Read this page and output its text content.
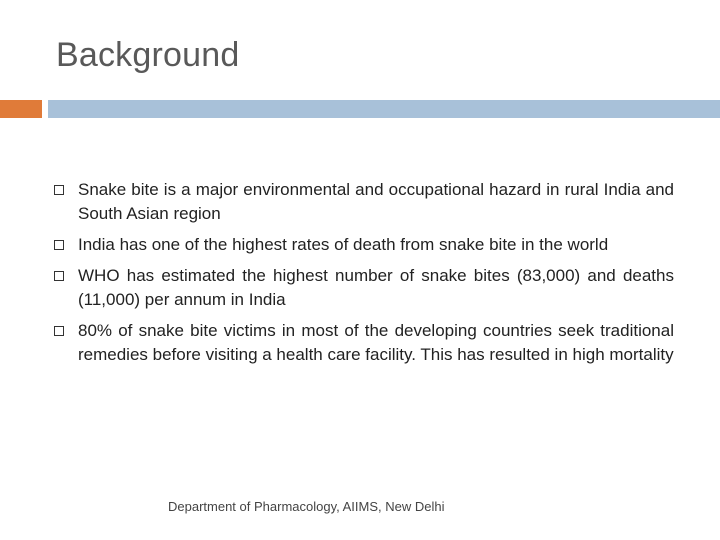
Background
Snake bite is a major environmental and occupational hazard in rural India and South Asian region
India has one of the highest rates of death from snake bite in the world
WHO has estimated the highest number of snake bites (83,000) and deaths (11,000) per annum in India
80% of snake bite victims in most of the developing countries seek traditional remedies before visiting a health care facility. This has resulted in high mortality
Department of Pharmacology, AIIMS, New Delhi
